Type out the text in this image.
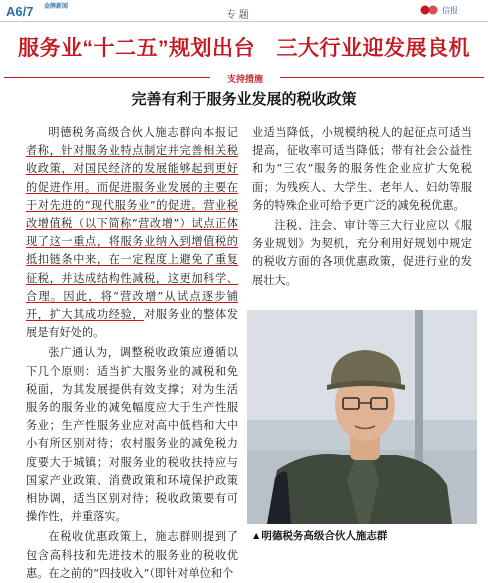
A6/7 金牌新闻
专 题	信报
服务业“十二五”规划出台　三大行业迎发展良机
支持措施
完善有利于服务业发展的税收政策

明德税务高级合伙人施志群向本报记者称，针对服务业特点制定并完善相关税收政策，对国民经济的发展能够起到更好的促进作用。而促进服务业发展的主要在于对先进的“现代服务业”的促进。营业税改增值税（以下简称“营改增”）试点正体现了这一重点，将服务业纳入到增值税的抵扣链条中来，在一定程度上避免了重复征税，并达成结构性减税，这更加科学、合理。因此，将“营改增”从试点逐步铺开，扩大其成功经验，对服务业的整体发展是有好处的。

张广通认为，调整税收政策应遵循以下几个原则：适当扩大服务业的减税和免税面，为其发展提供有效支撑；对为生活服务的服务业的减免幅度应大于生产性服务业；生产性服务业应对高中低档和大中小有所区别对待；农村服务业的减免税力度要大于城镇；对服务业的税收扶持应与国家产业政策、消费政策和环境保护政策相协调，适当区别对待；税收政策要有可操作性，并重落实。

在税收优惠政策上，施志群则提到了包含高科技和先进技术的服务业的税收优惠。在之前的“四技收入”（即针对单位和个

业适当降低，小规模纳税人的起征点可适当提高，征收率可适当降低；带有社会公益性和为“三农”服务的服务性企业应扩大免税面；为残疾人、大学生、老年人、妇幼等服务的特殊企业可给予更广泛的减免税优惠。

注税、注会、审计等三大行业应以《服务业规划》为契机，充分利用好规划中规定的税收方面的各项优惠政策，促进行业的发展壮大。

▲明德税务高级合伙人施志群
